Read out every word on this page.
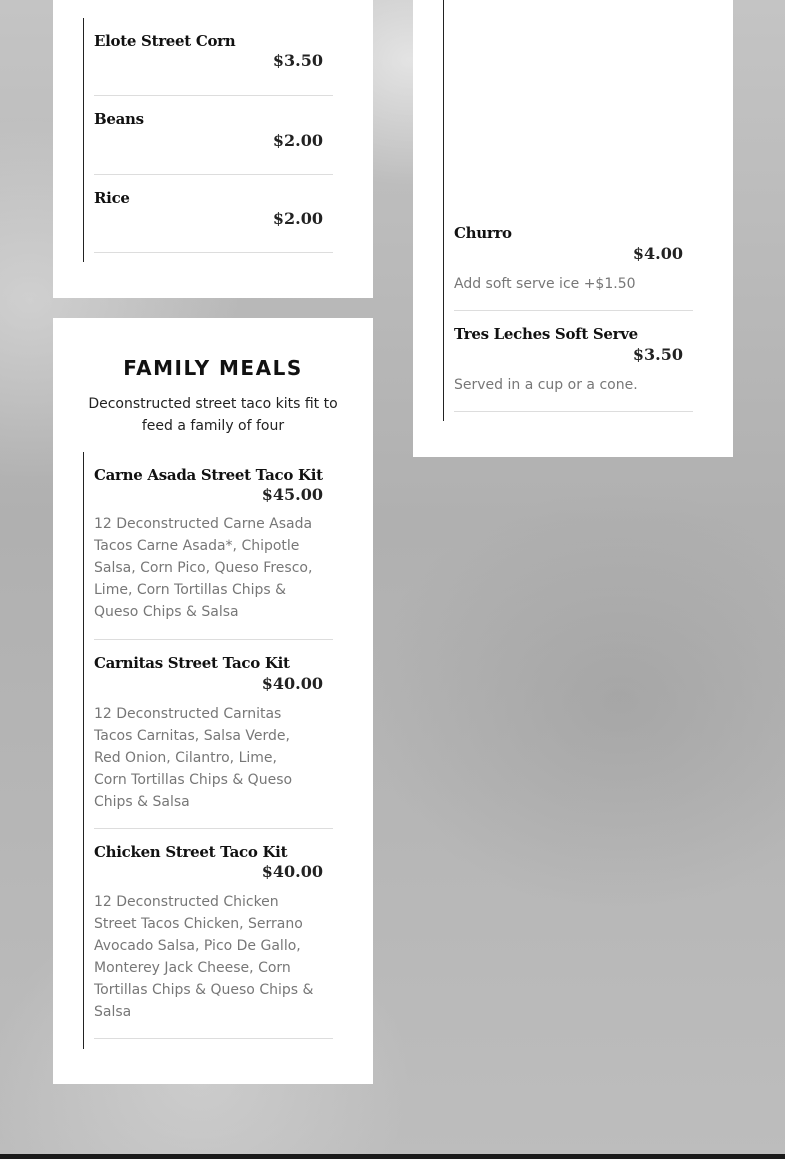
Elote Street Corn
$3.50
Beans
$2.00
Rice
$2.00
FAMILY MEALS
Deconstructed street taco kits fit to feed a family of four
Carne Asada Street Taco Kit
$45.00
12 Deconstructed Carne Asada Tacos Carne Asada*, Chipotle Salsa, Corn Pico, Queso Fresco, Lime, Corn Tortillas Chips & Queso Chips & Salsa
Carnitas Street Taco Kit
$40.00
12 Deconstructed Carnitas Tacos Carnitas, Salsa Verde, Red Onion, Cilantro, Lime, Corn Tortillas Chips & Queso Chips & Salsa
Chicken Street Taco Kit
$40.00
12 Deconstructed Chicken Street Tacos Chicken, Serrano Avocado Salsa, Pico De Gallo, Monterey Jack Cheese, Corn Tortillas Chips & Queso Chips & Salsa
Churro
$4.00
Add soft serve ice +$1.50
Tres Leches Soft Serve
$3.50
Served in a cup or a cone.
